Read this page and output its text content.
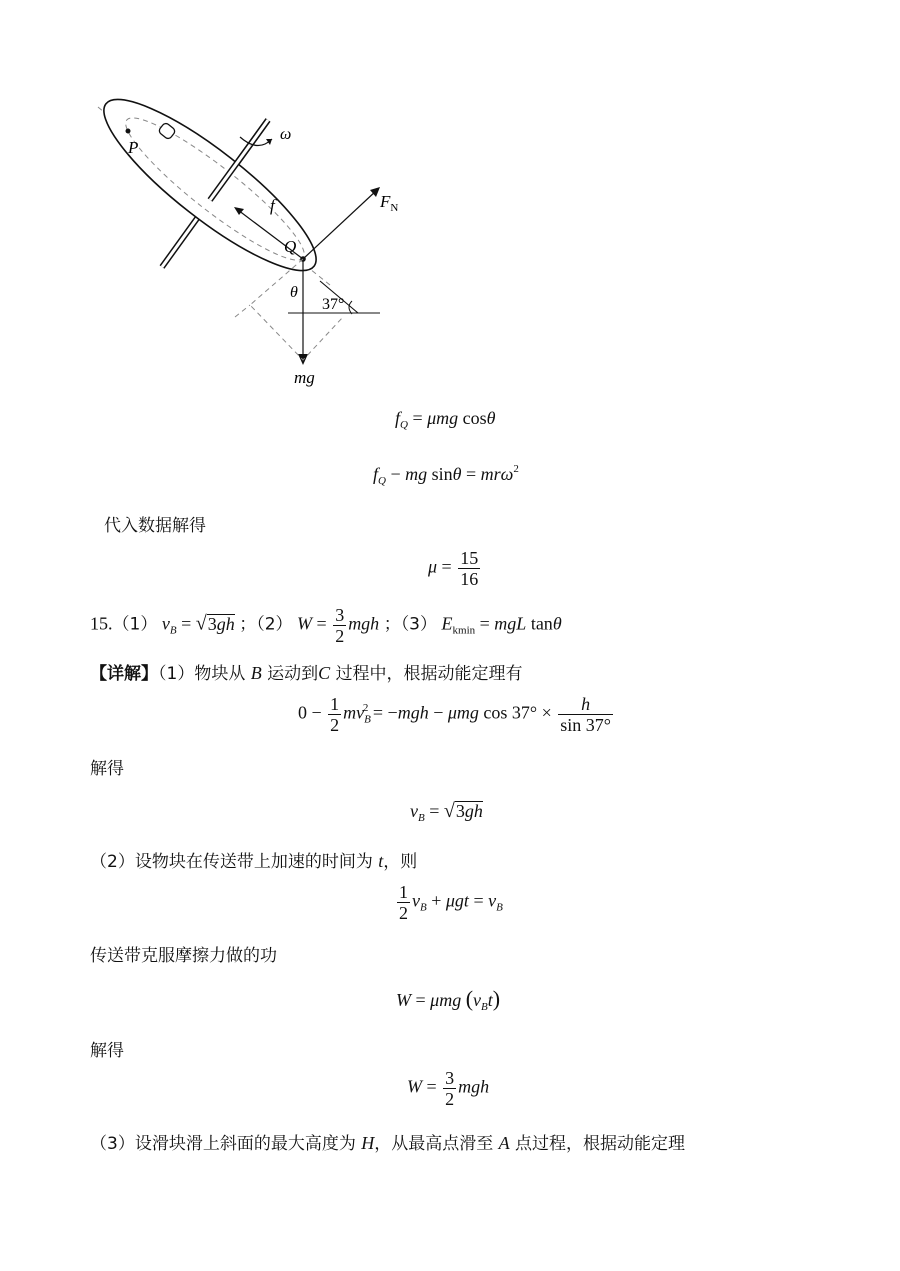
ω
P
Q
f	$F_N$
mg
θ
37°
$f_Q = \mu mg$ cosθ
$f_Q$ − mg sinθ = mrω$^2$
代入数据解得
$\mu = \frac{15}{16}$
15.（1） $v_B = √3gh$ ；（2） $W = \frac{3}{2}$ mgh ；（3） $E_{kmin}$ = mgL tanθ
【详解】（1）物块从 B 运动到C 过程中，根据动能定理有
$0 - \frac{1}{2} mv_B^2 = -mgh - \mu mg$ $\cos 37^\circ \times \frac{h}{\sin 37^\circ}$
解得
$v_B = √3gh$
（2）设物块在传送带上加速的时间为 t，则
$\frac{1}{2} v_B + \mu gt = v_B$
传送带克服摩擦力做的功
W = μmg $(v_Bt)$
解得
$W = \frac{3}{2}$ mgh
（3）设滑块滑上斜面的最大高度为 H，从最高点滑至 A 点过程，根据动能定理
